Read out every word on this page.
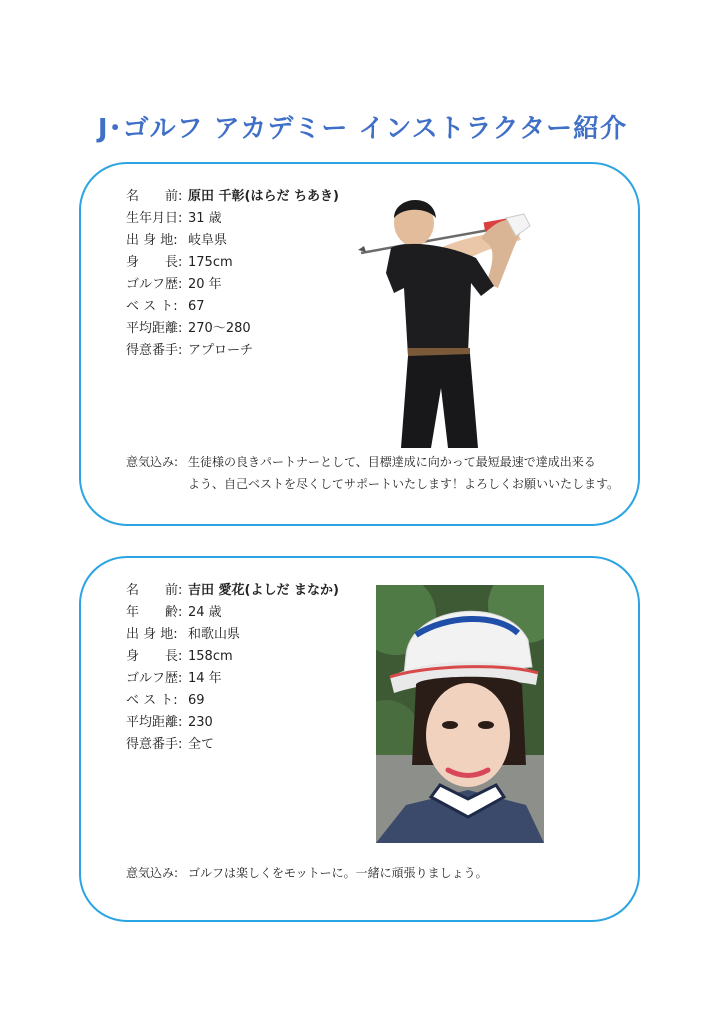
J･ゴルフ アカデミー インストラクター紹介
名　　前: 原田 千彰(はらだ ちあき)
生年月日: 31 歳
出 身 地: 岐阜県
身　　長: 175cm
ゴルフ歴: 20 年
ベ ス ト: 67
平均距離: 270～280
得意番手: アプローチ
意気込み: 生徒様の良きパートナーとして、目標達成に向かって最短最速で達成出来る
よう、自己ベストを尽くしてサポートいたします！よろしくお願いいたします。
名　　前: 吉田 愛花(よしだ まなか)
年　　齢: 24 歳
出 身 地: 和歌山県
身　　長: 158cm
ゴルフ歴: 14 年
ベ ス ト: 69
平均距離: 230
得意番手: 全て
意気込み: ゴルフは楽しくをモットーに。一緒に頑張りましょう。
